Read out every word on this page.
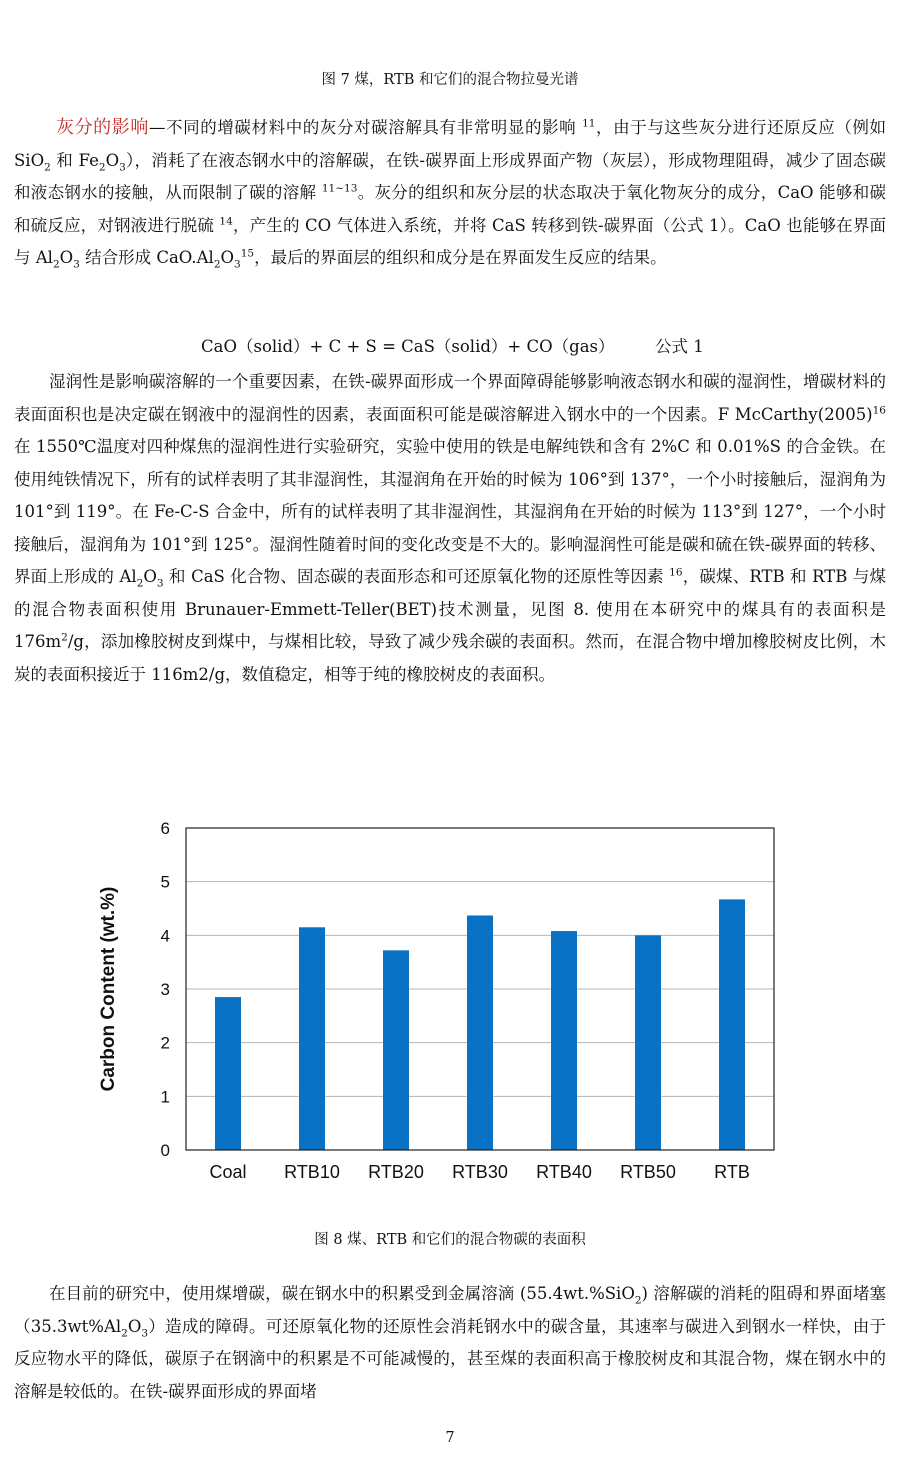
图 7 煤，RTB 和它们的混合物拉曼光谱

灰分的影响—不同的增碳材料中的灰分对碳溶解具有非常明显的影响 $^{11}$，由于与这些灰分进行还原反应（例如 SiO$_2$ 和 $Fe_2O_3$），消耗了在液态钢水中的溶解碳，在铁-碳界面上形成界面产物（灰层），形成物理阻碍，减少了固态碳和液态钢水的接触，从而限制了碳的溶解 $^{11\sim 13}$。灰分的组织和灰分层的状态取决于氧化物灰分的成分，CaO 能够和碳和硫反应，对钢液进行脱硫 $^{14}$，产生的 CO 气体进入系统，并将 CaS 转移到铁-碳界面（公式 1）。CaO 也能够在界面与 $Al_2O_3$ 结合形成 $CaO.Al_2O_3^{15}$，最后的界面层的组织和成分是在界面发生反应的结果。

CaO（solid）+ C + S = CaS（solid）+ CO（gas） 公式 1

湿润性是影响碳溶解的一个重要因素，在铁-碳界面形成一个界面障碍能够影响液态钢水和碳的湿润性，增碳材料的表面面积也是决定碳在钢液中的湿润性的因素，表面面积可能是碳溶解进入钢水中的一个因素。F $McCarthy(2005)^{16}$ 在 1550℃温度对四种煤焦的湿润性进行实验研究，实验中使用的铁是电解纯铁和含有 2%C 和 0.01%S 的合金铁。在使用纯铁情况下，所有的试样表明了其非湿润性，其湿润角在开始的时候为 106°到 137°，一个小时接触后，湿润角为 101°到 119°。在 Fe-C-S 合金中，所有的试样表明了其非湿润性，其湿润角在开始的时候为 113°到 127°，一个小时接触后，湿润角为 101°到 125°。湿润性随着时间的变化改变是不大的。影响湿润性可能是碳和硫在铁-碳界面的转移、界面上形成的 $Al_2O_3$ 和 CaS 化合物、固态碳的表面形态和可还原氧化物的还原性等因素 $^{16}$，碳煤、RTB 和 RTB 与煤的混合物表面积使用 Brunauer-Emmett-Teller(BET)技术测量，见图 8. 使用在本研究中的煤具有的表面积是 $176m^2/g$，添加橡胶树皮到煤中，与煤相比较，导致了减少残余碳的表面积。然而，在混合物中增加橡胶树皮比例，木炭的表面积接近于 116m2/g，数值稳定，相等于纯的橡胶树皮的表面积。

0
1
2
3
4
5
6
Coal RTB10 RTB20 RTB30 RTB40 RTB50 RTB
Carbon Content (wt.%)
图 8 煤、RTB 和它们的混合物碳的表面积

在目前的研究中，使用煤增碳，碳在钢水中的积累受到金属溶滴 (55.4wt.%SiO$_2$) 溶解碳的消耗的阻碍和界面堵塞$(35.3wt\%Al_2O_3)$造成的障碍。可还原氧化物的还原性会消耗钢水中的碳含量，其速率与碳进入到钢水一样快，由于反应物水平的降低，碳原子在钢滴中的积累是不可能减慢的，甚至煤的表面积高于橡胶树皮和其混合物，煤在钢水中的溶解是较低的。在铁-碳界面形成的界面堵

7
